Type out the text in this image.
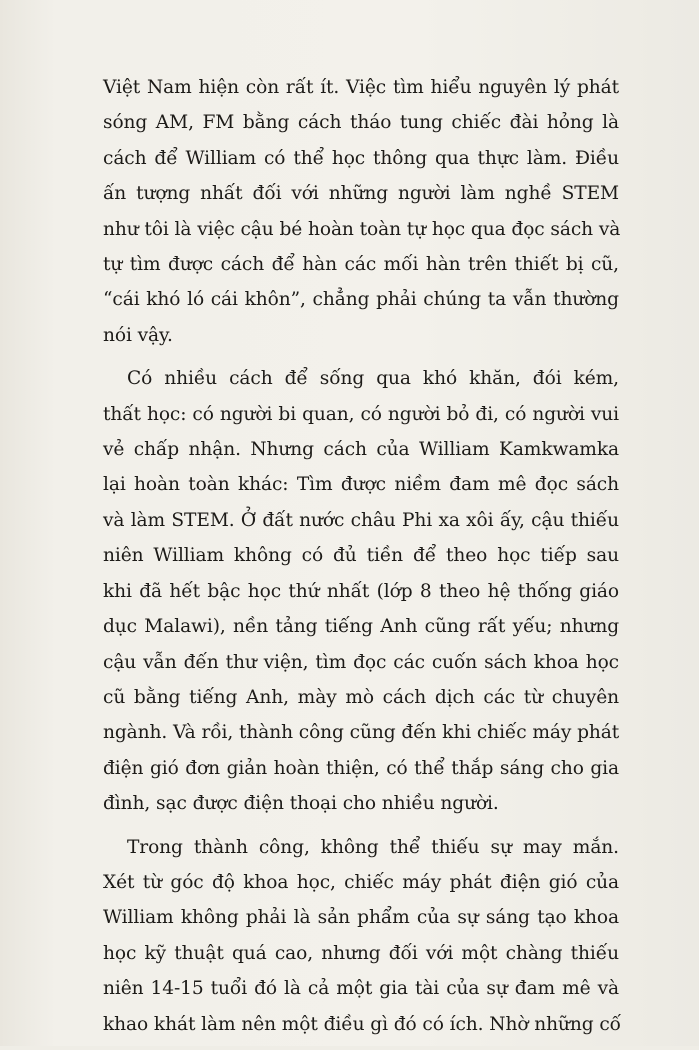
Việt Nam hiện còn rất ít. Việc tìm hiểu nguyên lý phát
sóng AM, FM bằng cách tháo tung chiếc đài hỏng là
cách để William có thể học thông qua thực làm. Điều
ấn tượng nhất đối với những người làm nghề STEM
như tôi là việc cậu bé hoàn toàn tự học qua đọc sách và
tự tìm được cách để hàn các mối hàn trên thiết bị cũ,
“cái khó ló cái khôn”, chẳng phải chúng ta vẫn thường
nói vậy.
Có nhiều cách để sống qua khó khăn, đói kém,
thất học: có người bi quan, có người bỏ đi, có người vui
vẻ chấp nhận. Nhưng cách của William Kamkwamka
lại hoàn toàn khác: Tìm được niềm đam mê đọc sách
và làm STEM. Ở đất nước châu Phi xa xôi ấy, cậu thiếu
niên William không có đủ tiền để theo học tiếp sau
khi đã hết bậc học thứ nhất (lớp 8 theo hệ thống giáo
dục Malawi), nền tảng tiếng Anh cũng rất yếu; nhưng
cậu vẫn đến thư viện, tìm đọc các cuốn sách khoa học
cũ bằng tiếng Anh, mày mò cách dịch các từ chuyên
ngành. Và rồi, thành công cũng đến khi chiếc máy phát
điện gió đơn giản hoàn thiện, có thể thắp sáng cho gia
đình, sạc được điện thoại cho nhiều người.
Trong thành công, không thể thiếu sự may mắn.
Xét từ góc độ khoa học, chiếc máy phát điện gió của
William không phải là sản phẩm của sự sáng tạo khoa
học kỹ thuật quá cao, nhưng đối với một chàng thiếu
niên 14-15 tuổi đó là cả một gia tài của sự đam mê và
khao khát làm nên một điều gì đó có ích. Nhờ những cố
